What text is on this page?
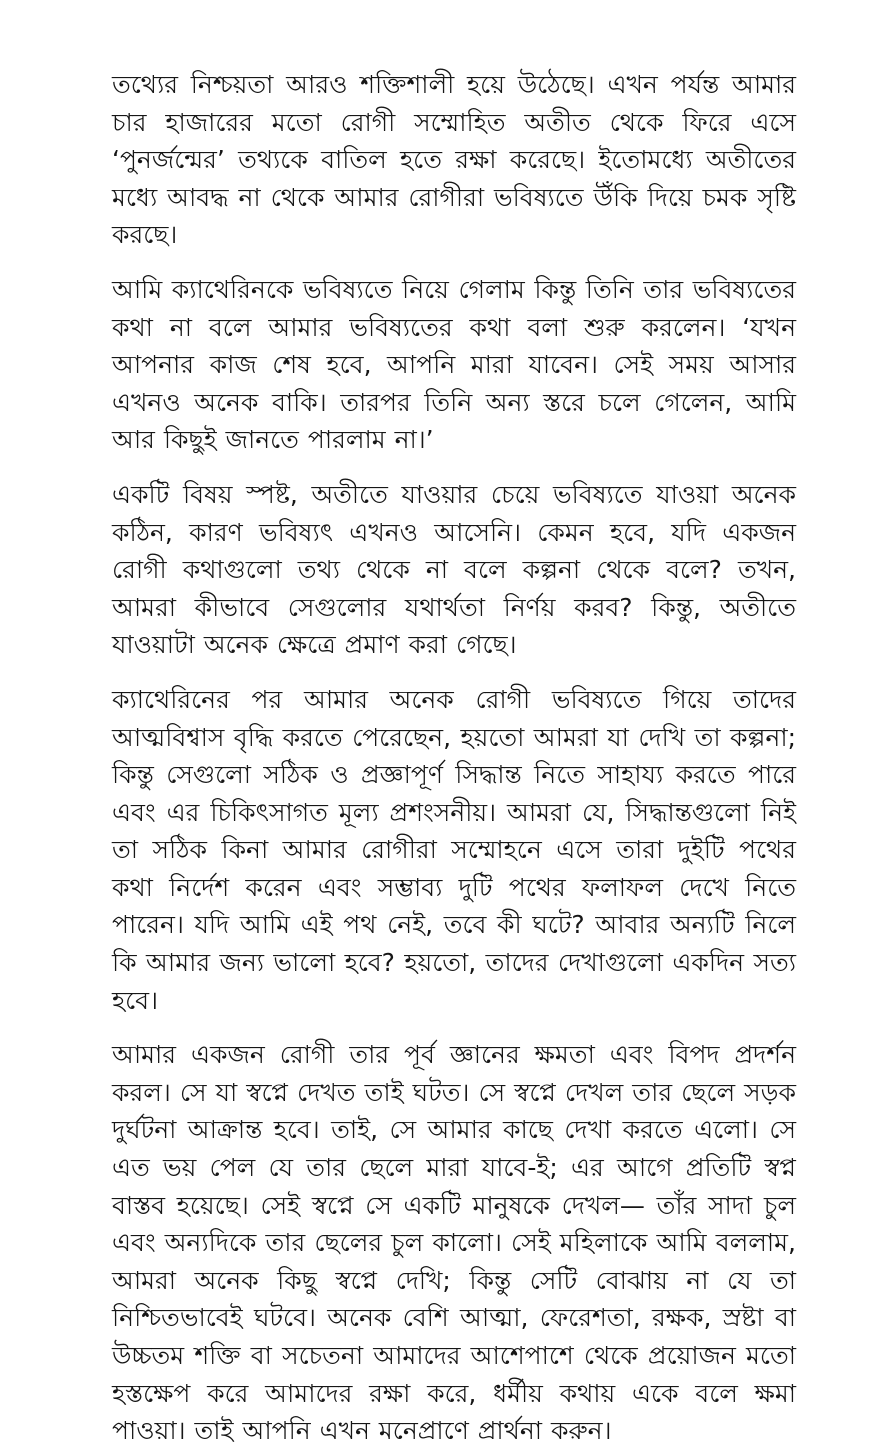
তথ্যের নিশ্চয়তা আরও শক্তিশালী হয়ে উঠেছে। এখন পর্যন্ত আমার চার হাজারের মতো রোগী সম্মোহিত অতীত থেকে ফিরে এসে ‘পুনর্জন্মের’ তথ্যকে বাতিল হতে রক্ষা করেছে। ইতোমধ্যে অতীতের মধ্যে আবদ্ধ না থেকে আমার রোগীরা ভবিষ্যতে উঁকি দিয়ে চমক সৃষ্টি করছে।

আমি ক্যাথেরিনকে ভবিষ্যতে নিয়ে গেলাম কিন্তু তিনি তার ভবিষ্যতের কথা না বলে আমার ভবিষ্যতের কথা বলা শুরু করলেন। ‘যখন আপনার কাজ শেষ হবে, আপনি মারা যাবেন। সেই সময় আসার এখনও অনেক বাকি। তারপর তিনি অন্য স্তরে চলে গেলেন, আমি আর কিছুই জানতে পারলাম না।’

একটি বিষয় স্পষ্ট, অতীতে যাওয়ার চেয়ে ভবিষ্যতে যাওয়া অনেক কঠিন, কারণ ভবিষ্যৎ এখনও আসেনি। কেমন হবে, যদি একজন রোগী কথাগুলো তথ্য থেকে না বলে কল্পনা থেকে বলে? তখন, আমরা কীভাবে সেগুলোর যথার্থতা নির্ণয় করব? কিন্তু, অতীতে যাওয়াটা অনেক ক্ষেত্রে প্রমাণ করা গেছে।

ক্যাথেরিনের পর আমার অনেক রোগী ভবিষ্যতে গিয়ে তাদের আত্মবিশ্বাস বৃদ্ধি করতে পেরেছেন, হয়তো আমরা যা দেখি তা কল্পনা; কিন্তু সেগুলো সঠিক ও প্রজ্ঞাপূর্ণ সিদ্ধান্ত নিতে সাহায্য করতে পারে এবং এর চিকিৎসাগত মূল্য প্রশংসনীয়। আমরা যে, সিদ্ধান্তগুলো নিই তা সঠিক কিনা আমার রোগীরা সম্মোহনে এসে তারা দুইটি পথের কথা নির্দেশ করেন এবং সম্ভাব্য দুটি পথের ফলাফল দেখে নিতে পারেন। যদি আমি এই পথ নেই, তবে কী ঘটে? আবার অন্যটি নিলে কি আমার জন্য ভালো হবে? হয়তো, তাদের দেখাগুলো একদিন সত্য হবে।

আমার একজন রোগী তার পূর্ব জ্ঞানের ক্ষমতা এবং বিপদ প্রদর্শন করল। সে যা স্বপ্নে দেখত তাই ঘটত। সে স্বপ্নে দেখল তার ছেলে সড়ক দুর্ঘটনা আক্রান্ত হবে। তাই, সে আমার কাছে দেখা করতে এলো। সে এত ভয় পেল যে তার ছেলে মারা যাবে-ই; এর আগে প্রতিটি স্বপ্ন বাস্তব হয়েছে। সেই স্বপ্নে সে একটি মানুষকে দেখল— তাঁর সাদা চুল এবং অন্যদিকে তার ছেলের চুল কালো। সেই মহিলাকে আমি বললাম, আমরা অনেক কিছু স্বপ্নে দেখি; কিন্তু সেটি বোঝায় না যে তা নিশ্চিতভাবেই ঘটবে। অনেক বেশি আত্মা, ফেরেশতা, রক্ষক, স্রষ্টা বা উচ্চতম শক্তি বা সচেতনা আমাদের আশেপাশে থেকে প্রয়োজন মতো হস্তক্ষেপ করে আমাদের রক্ষা করে, ধর্মীয় কথায় একে বলে ক্ষমা পাওয়া। তাই আপনি এখন মনেপ্রাণে প্রার্থনা করুন।
